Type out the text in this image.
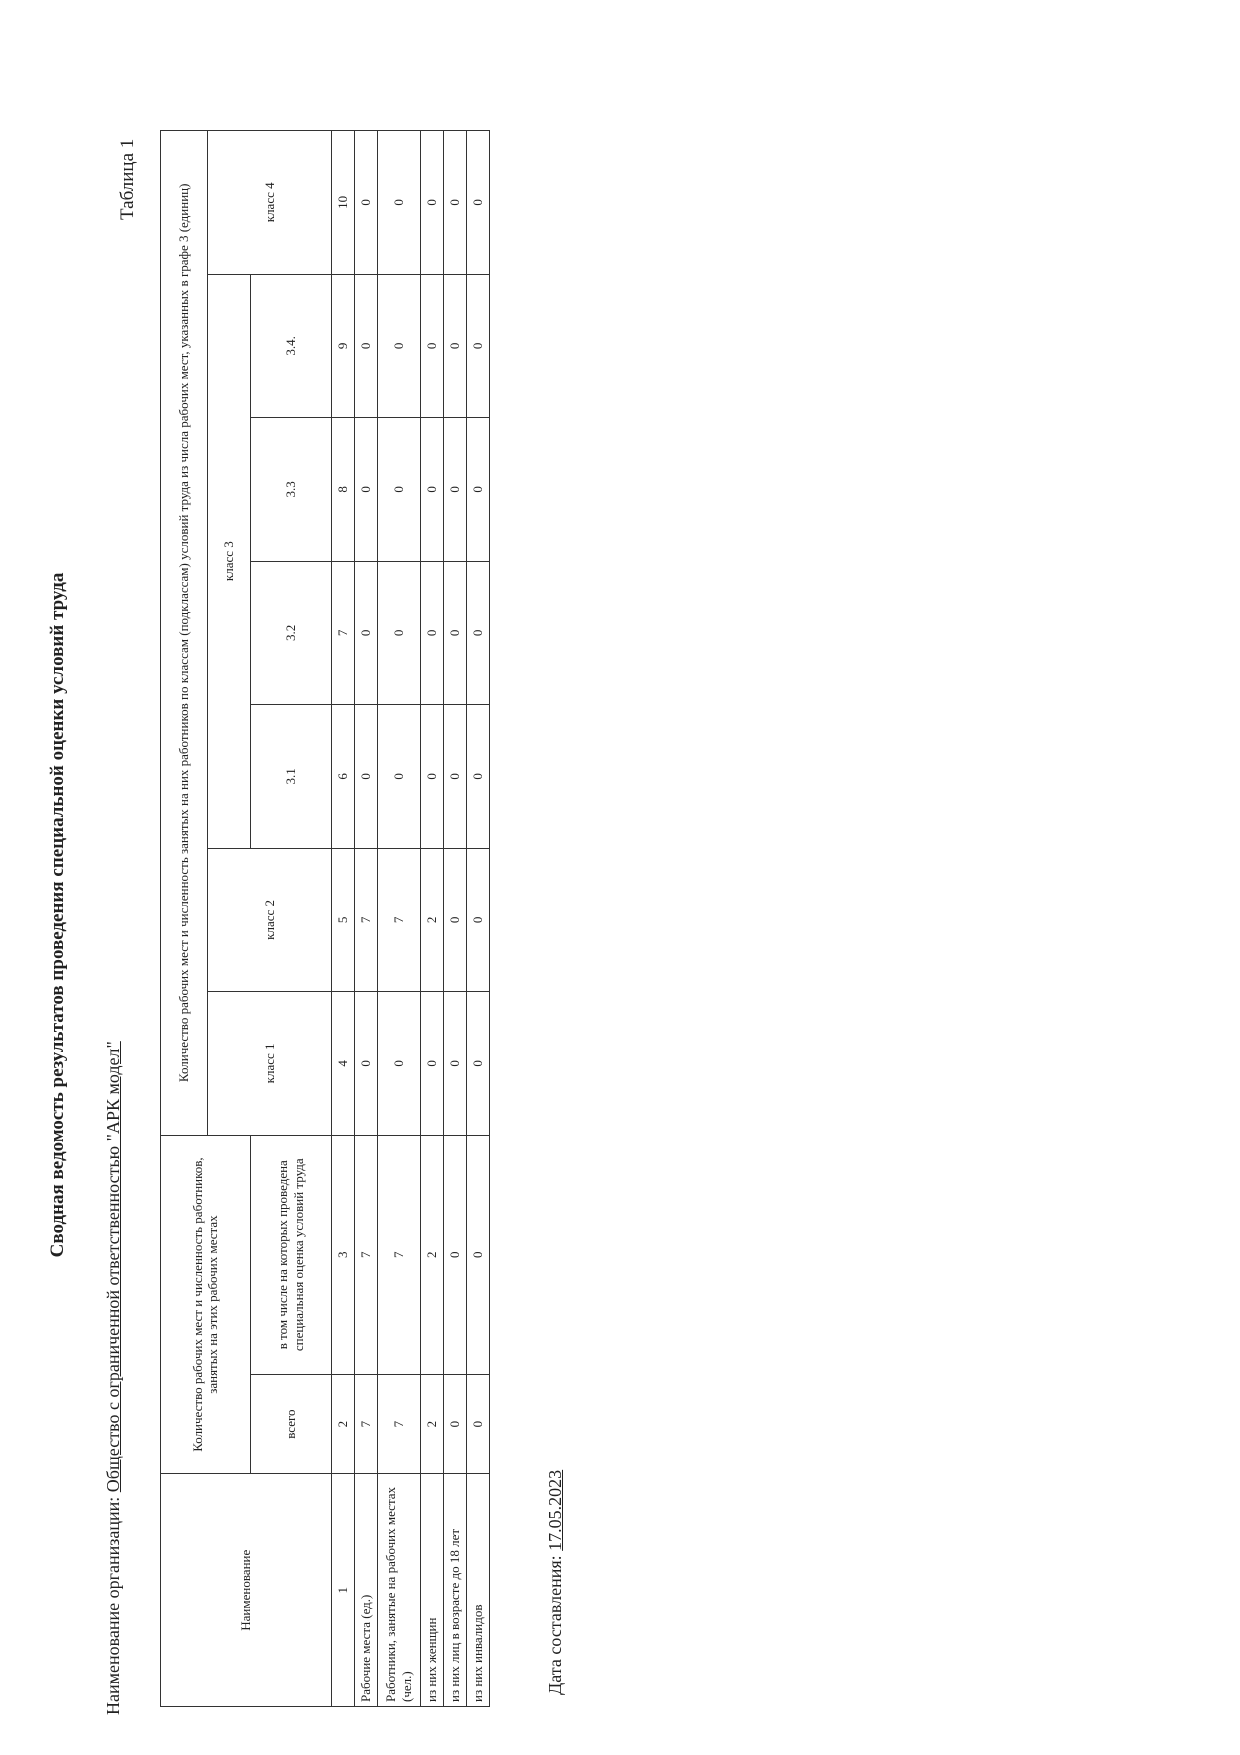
Сводная ведомость результатов проведения специальной оценки условий труда
Наименование организации: Общество с ограниченной ответственностью "АРК модел"
Таблица 1
Наименование	Количество рабочих мест и численность работников, занятых на этих рабочих местах		Количество рабочих мест и численность занятых на них работников по классам (подклассам) условий труда из числа рабочих мест, указанных в графе 3 (единиц)						
			класс 1	класс 2	класс 3				класс 4
	всего	в том числе на которых проведена специальная оценка условий труда			3.1	3.2	3.3	3.4.	
1	2	3	4	5	6	7	8	9	10
Рабочие места (ед.)	7	7	0	7	0	0	0	0	0
Работники, занятые на рабочих местах (чел.)	7	7	0	7	0	0	0	0	0
из них женщин	2	2	0	2	0	0	0	0	0
из них лиц в возрасте до 18 лет	0	0	0	0	0	0	0	0	0
из них инвалидов	0	0	0	0	0	0	0	0	0
Дата составления: 17.05.2023
